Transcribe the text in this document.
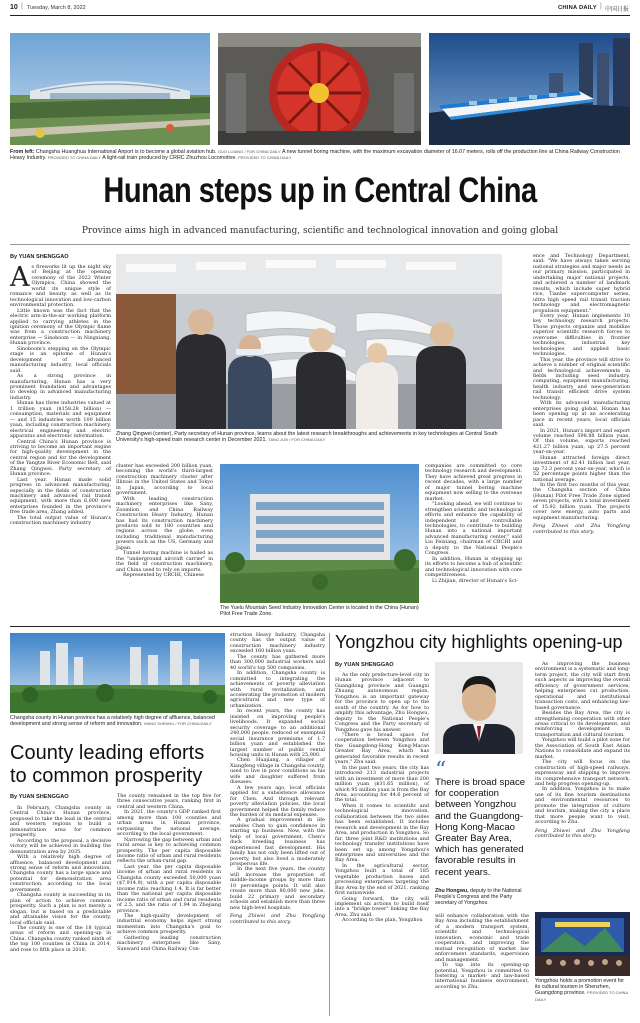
10 | Tuesday, March 8, 2022	CHINA DAILY | 中国日报
From left: Changsha Huanghua International Airport is to become a global aviation hub. GUO LIJIANG / FOR CHINA DAILY A new tunnel boring machine, with the maximum excavation diameter of 16.07 meters, rolls off the production line at China Railway Construction Heavy Industry. PROVIDED TO CHINA DAILY A light-rail train produced by CRRC Zhuzhou Locomotive. PROVIDED TO CHINA DAILY
Hunan steps up in Central China
Province aims high in advanced manufacturing, scientific and technological innovation and going global
By YUAN SHENGGAO
A s fireworks lit up the night sky of Beijing at the opening ceremony of the 2022 Winter Olympics, China showed the world its unique style of romance and beauty, as well as its technological innovation and low-carbon environmental protection.

Little known was the fact that the electric arm-in-the-air working platform applied to carrying athletes in the ignition ceremony of the Olympic flame was from a construction machinery enterprise — Sinoboom — in Ningxiang, Hunan province.

Sinoboom's stepping on the Olympic stage is an epitome of Hunan's development of advanced manufacturing industry, local officials said.

As a strong province in manufacturing, Hunan has a very prominent foundation and advantages to develop in advanced manufacturing industry.

Hunan has three industries valued at 1 trillion yuan ($158.28 billion) — consumption, materials and equipment — and 15 industries worth 100 billion yuan, including construction machinery, electrical engineering and electric apparatus and electronic information.

Central China's Hunan province is striving to become an important engine for high-quality development in the central region and for the development of the Yangtze River Economic Belt, said Zhang Qingwei, Party secretary of Hunan province.

Last year, Hunan made solid progress in advanced manufacturing, especially in the fields of construction machinery and advanced rail transit equipment, with more than 6,000 new enterprises founded in the province's free trade area, Zhang added.

The total output value of Hunan's construction machinery industry

Zhang Qingwei (center), Party secretary of Hunan province, learns about the latest research breakthroughs and achievements in key technologies at Central South University's high-speed train research center in December 2021. TANG JUN / FOR CHINA DAILY

cluster has exceeded 200 billion yuan, becoming the world's third-largest construction machinery cluster after Illinois in the United States and Tokyo in Japan, according to local government.

With leading construction machinery enterprises like Sany, Zoomlion and China Railway Construction Heavy Industry, Hunan has had its construction machinery products sold to 180 countries and regions across the globe, even including traditional manufacturing powers such as the US, Germany and Japan.

Tunnel boring machine is hailed as the "underground aircraft carrier" in the field of construction machinery, and China used to rely on imports.

Represented by CRCHI, Chinese

The Yuelu Mountain Seed Industry Innovation Center is located in the China (Hunan) Pilot Free Trade Zone.

companies are committed to core technology research and development. They have achieved great progress in recent decades, with a large number of major tunnel boring machine equipment now selling to the overseas market.

"Looking ahead, we will continue to strengthen scientific and technological efforts and enhance the capability of independent and controllable technologies, to contribute to building Hunan into a national important advanced manufacturing center," said Liu Feixiang, chairman of CRCHI and a deputy to the National People's Congress.

In addition, Hunan is stepping up its efforts to become a hub of scientific and technological innovation with core competitiveness.

Li Zhijian, director of Hunan's Sci-

ence and Technology Department, said: "We have always taken serving national strategies and major needs as our primary mission, participated in undertaking major national projects, and achieved a number of landmark results, which include super hybrid rice, Tianhe supercomputer series, ultra high speed rail transit traction technology and electromagnetic propulsion equipment."

Every year, Hunan implements 10 key technology research projects. Those projects organize and mobilize superior scientific research forces to overcome difficulties in frontier technologies, industrial key technologies and applied basic technologies.

This year, the province will strive to achieve a number of original scientific and technological achievements in fields including seed industry, computing, equipment manufacturing, health industry and new-generation rail transit efficient drive system technology.

With its advanced manufacturing enterprises going global, Hunan has been opening up at an accelerating pace in recent years, local officials said.

In 2021, Hunan's import and export volume reached 598.88 billion yuan. Of this volume, exports reached 421.27 billion yuan, up 27.5 percent year-on-year.

Hunan attracted foreign direct investment of $2.41 billion last year, up 72.3 percent year-on-year, which is 52 percentage points higher than the national average.

In the first two months of this year, the Changsha section of China (Hunan) Pilot Free Trade Zone signed seven projects, with a total investment of 15.92 billion yuan. The projects cover new energy, auto parts and equipment manufacturing.

Feng Zhiwei and Zhu Yongfang contributed to this story.

Changsha county in Hunan province has a relatively high degree of affluence, balanced development and strong sense of reform and innovation. WANG SHENHU / FOR CHINA DAILY
County leading efforts
to common prosperity
By YUAN SHENGGAO

In February, Changsha county in Central China's Hunan province, proposed to take the lead in the central and western regions to build a demonstration area for common prosperity.

According to the proposal, a decisive victory will be achieved in building the demonstration area by 2035.

With a relatively high degree of affluence, balanced development and strong sense of reform and innovation, Changsha county has a large space and potential for demonstration area construction, according to the local government.

Changsha county is succeeding in its plan of action to achieve common prosperity. Such a plan is not merely a slogan, but is based on a predictable and attainable vision for the county, local officials said.

The county is one of the 18 typical areas of reform and opening-up in China. Changsha county ranked ninth of the top 100 counties in China in 2014, and rose to fifth place in 2018.

The county remained in the top five for three consecutive years, ranking first in central and western China.

In 2021, the county's GDP ranked first among more than 100 counties and urban areas in Hunan province, surpassing the national average, according to the local government.

Narrowing the gap between urban and rural areas is key to achieving common prosperity. The per capita disposable income ratio of urban and rural residents reflects the urban-rural gap.

Last year, the per capita disposable income of urban and rural residents in Changsha county exceeded 50,000 yuan ($7,914.9), with a per capita disposable income ratio reaching 1.4. It is far better than the national per capita disposable income ratio of urban and rural residents of 2.5, and the ratio of 1.94 in Zhejiang province.

The high-quality development of industrial economy helps inject strong momentum into Changsha's goal to achieve common prosperity.

Gathering leading construction machinery enterprises like Sany, Sunward and China Railway Con-

struction Heavy Industry, Changsha county has the output value of construction machinery industry exceeded 160 billion yuan.

The county has gathered more than 300,000 industrial workers and 40 world's top 500 companies.

In addition, Changsha county is committed to integrating the achievements of poverty alleviation with rural revitalization, and accelerating the promotion of modern agricultural and new type of urbanization.

In recent years, the county has insisted on improving people's livelihoods. It expanded social security coverage to an additional 240,000 people, reduced or exempted social insurance premiums of 1.7 billion yuan and established the largest number of public rental housing units in Hunan with 25,900.

Chen Huajiang, a villager of Xiangfeng village in Changsha county, used to live in poor conditions as his wife and daughter suffered from diseases.

A few years ago, local officials applied for a subsistence allowance for Chen. And through relevant poverty alleviation policies, the local government helped the family reduce the burden of its medical expenses.

A gradual improvement in life enables Chen to gain confidence in starting up business. Now, with the help of local government, Chen's duck breeding business has experienced fast development. His family has not only been lifted out of poverty, but also lived a moderately prosperous life.

In the next five years, the county will increase the proportion of middle-income groups by more than 10 percentage points. It will also create more than 80,000 new jobs, build 22 primary and secondary schools and establish more than three new high-level hospitals.

Feng Zhiwei and Zhu Yongfang contributed to this story.

Yongzhou city highlights opening-up
By YUAN SHENGGAO

As the only prefecture-level city in Hunan province adjacent to Guangdong province and Guangxi Zhuang autonomous region, Yongzhou is an important gateway for the province to open up to the south of the country. As for how to amplify this advantage, Zhu Hongwu, deputy to the National People's Congress and the Party secretary of Yongzhou gave his answer.

"There is broad space for cooperation between Yongzhou and the Guangdong-Hong Kong-Macao Greater Bay Area, which has generated favorable results in recent years," Zhu said.

In the past two years, the city has introduced 213 industrial projects with an investment of more than 200 million yuan ($31.65 million), of which 95 million yuan is from the Bay Area, accounting for 44.6 percent of the total.

When it comes to scientific and technological innovation, collaboration between the two sides has been established. It includes research and development in the Bay Area, and production in Yongzhou. So far, three joint R&D institutions and technology transfer institutions have been set up among Yongzhou's enterprises and universities and the Bay Area.

In the agricultural sector, Yongzhou built a total of 185 vegetable production bases and processing enterprises targeting the Bay Area by the end of 2021, ranking first nationwide.

Going forward, the city will implement six actions to build itself into a "bridge tower" linking the Bay Area, Zhu said.

According to the plan, Yongzhou

“
There is broad space for cooperation between Yongzhou and the Guangdong-Hong Kong-Macao Greater Bay Area, which has generated favorable results in recent years.
Zhu Hongwu, deputy to the National People's Congress and the Party secretary of Yongzhou

will enhance collaboration with the Bay Area including the establishment of a modern transport system, scientific and technological innovation, economic and trade cooperation, and improving the mutual recognition of market law enforcement standards, supervision and management.

To tap into its opening-up potential, Yongzhou is committed to fostering a market- and law-based international business environment, according to Zhu.

As improving the business environment is a systematic and long-term project, the city will start from such aspects as improving the overall efficiency of government services, helping enterprises cut production, operational and institutional transaction costs, and enhancing law-based governance.

Besides the Bay Area, the city is strengthening cooperation with other areas critical to its development, and reinforcing development in transportation and cultural tourism.

Yongzhou will build a pilot zone for the Association of South East Asian Nations to consolidate and expand its market.

The city will focus on the construction of high-speed railways, expressway and shipping to improve its comprehensive transport network, and help progress opening-up.

In addition, Yongzhou is to make use of its fine tourism destinations and environmental resources to promote the integration of culture and tourism, making the city a place that more people want to visit, according to Zhu.

Feng Zhiwei and Zhu Yongfang contributed to this story.

Yongzhou holds a promotion event for its cultural tourism in Shenzhen, Guangdong province. PROVIDED TO CHINA DAILY
